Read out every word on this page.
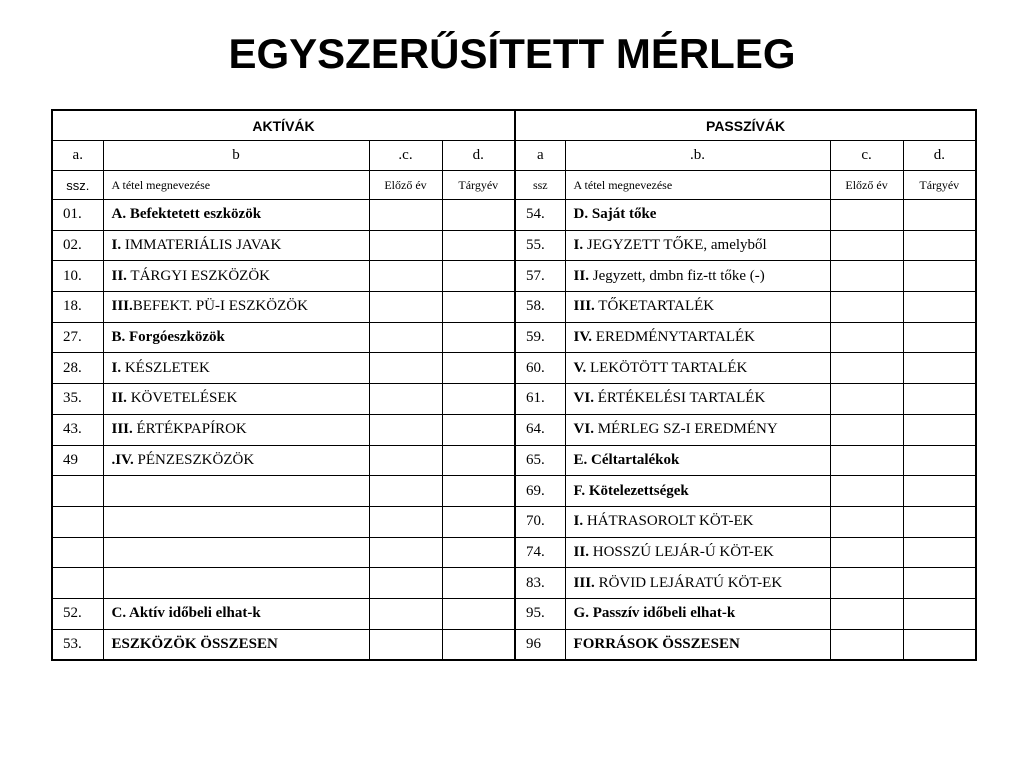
EGYSZERŰSÍTETT MÉRLEG
AKTÍVÁK				PASSZÍVÁK			
a.	b	.c.	d.	a	.b.	c.	d.
ssz.	A tétel megnevezése	Előző év	Tárgyév	ssz	A tétel megnevezése	Előző év	Tárgyév
01.	A. Befektetett eszközök			54.	D. Saját tőke		
02.	I. IMMATERIÁLIS JAVAK			55.	I. JEGYZETT TŐKE, amelyből		
10.	II. TÁRGYI ESZKÖZÖK			57.	II. Jegyzett, dmbn fiz-tt tőke (-)		
18.	III.BEFEKT. PÜ-I ESZKÖZÖK			58.	III. TŐKETARTALÉK		
27.	B. Forgóeszközök			59.	IV. EREDMÉNYTARTALÉK		
28.	I. KÉSZLETEK			60.	V. LEKÖTÖTT TARTALÉK		
35.	II. KÖVETELÉSEK			61.	VI. ÉRTÉKELÉSI TARTALÉK		
43.	III. ÉRTÉKPAPÍROK			64.	VI. MÉRLEG SZ-I EREDMÉNY		
49	.IV. PÉNZESZKÖZÖK			65.	E. Céltartalékok		
				69.	F. Kötelezettségek		
				70.	I. HÁTRASOROLT KÖT-EK		
				74.	II. HOSSZÚ LEJÁR-Ú KÖT-EK		
				83.	III. RÖVID LEJÁRATÚ KÖT-EK		
52.	C. Aktív időbeli elhat-k			95.	G. Passzív időbeli elhat-k		
53.	ESZKÖZÖK ÖSSZESEN			96	FORRÁSOK ÖSSZESEN		
